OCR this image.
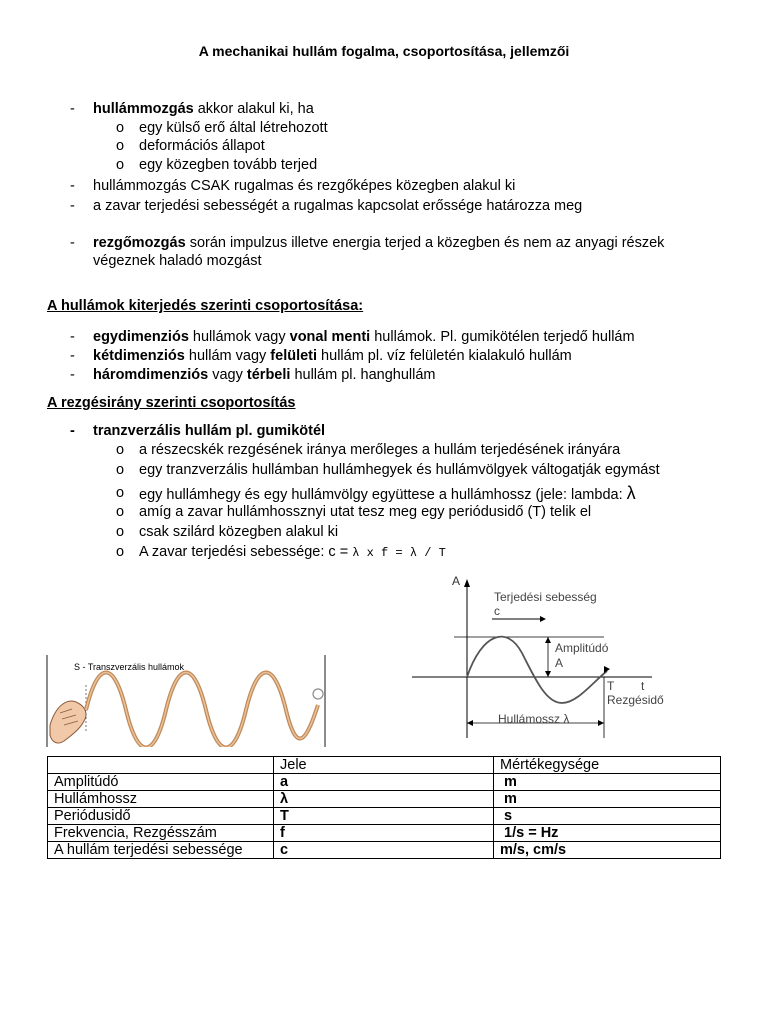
A mechanikai hullám fogalma, csoportosítása, jellemzői
- hullámmozgás akkor alakul ki, ha
o egy külső erő által létrehozott
o deformációs állapot
o egy közegben tovább terjed
- hullámmozgás CSAK rugalmas és rezgőképes közegben alakul ki
- a zavar terjedési sebességét a rugalmas kapcsolat erőssége határozza meg
- rezgőmozgás során impulzus illetve energia terjed a közegben és nem az anyagi részek
végeznek haladó mozgást
A hullámok kiterjedés szerinti csoportosítása:
- egydimenziós hullámok vagy vonal menti hullámok. Pl. gumikötélen terjedő hullám
- kétdimenziós hullám vagy felületi hullám pl. víz felületén kialakuló hullám
- háromdimenziós vagy térbeli hullám pl. hanghullám
A rezgésirány szerinti csoportosítás
- tranzverzális hullám pl. gumikötél
o a részecskék rezgésének iránya merőleges a hullám terjedésének irányára
o egy tranzverzális hullámban hullámhegyek és hullámvölgyek váltogatják egymást
o egy hullámhegy és egy hullámvölgy együttese a hullámhossz (jele: lambda: λ
o amíg a zavar hullámhossznyi utat tesz meg egy periódusidő (T) telik el
o csak szilárd közegben alakul ki
o A zavar terjedési sebessége: c = λ x f = λ / T
S - Transzverzális hullámok
A
Terjedési sebesség
c
Amplitúdó
A
T t
Rezgésidő
Hullámossz λ
	Jele	Mértékegysége
Amplitúdó	a	m
Hullámhossz	λ	m
Periódusidő	T	s
Frekvencia, Rezgésszám	f	1/s = Hz
A hullám terjedési sebessége	c	m/s, cm/s
